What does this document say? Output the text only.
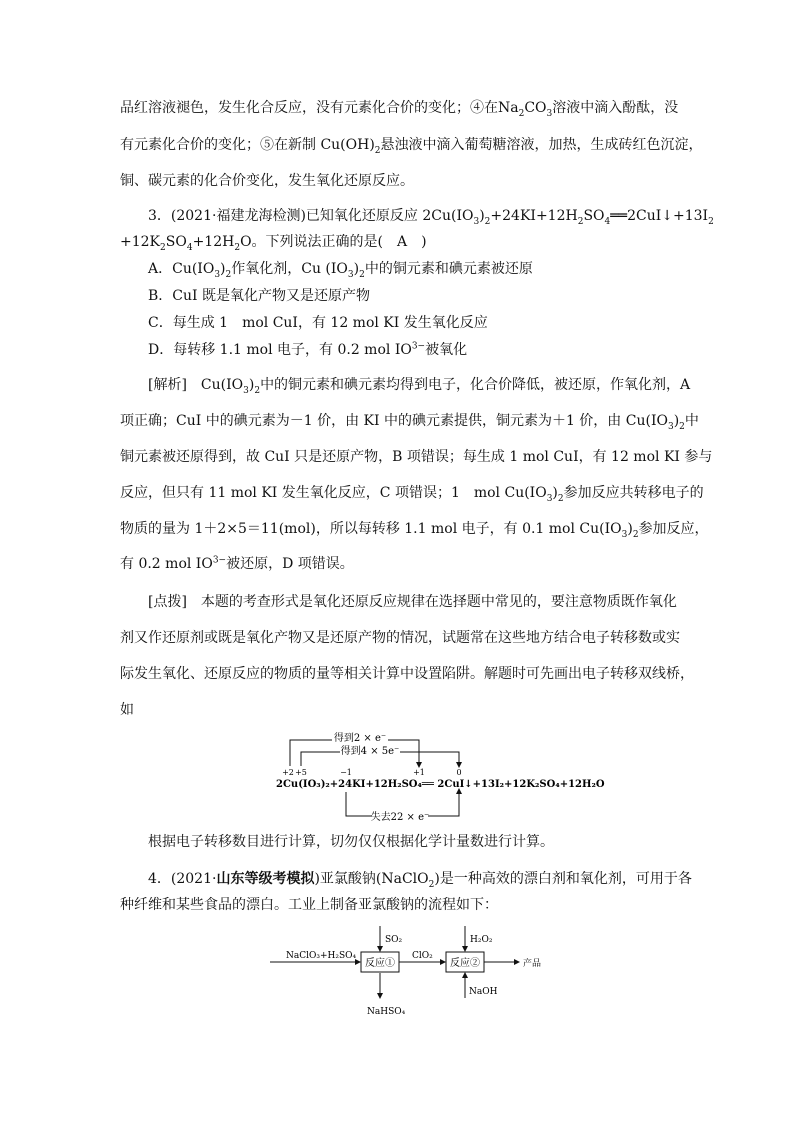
品红溶液褪色，发生化合反应，没有元素化合价的变化；④在$Na_2CO_3$溶液中滴入酚酞，没
有元素化合价的变化；⑤在新制 $Cu(OH)_2$悬浊液中滴入葡萄糖溶液，加热，生成砖红色沉淀，
铜、碳元素的化合价变化，发生氧化还原反应。
3．(2021·福建龙海检测)已知氧化还原反应 $2Cu(IO_3)_2+24KI+12H_2SO_4══2CuI↓+13I_2$
$+12K_2SO_4+12H_2O$。下列说法正确的是(　A　)
A．$Cu(IO_3)_2$作氧化剂，Cu $(IO_3)_2$中的铜元素和碘元素被还原
B．CuI 既是氧化产物又是还原产物
C．每生成 1　mol CuI，有 12 mol KI 发生氧化反应
D．每转移 1.1 mol 电子，有 0.2 mol $IO^{3-}$被氧化
[解析]　$Cu(IO_3)_2$中的铜元素和碘元素均得到电子，化合价降低，被还原，作氧化剂，A
项正确；CuI 中的碘元素为－1 价，由 KI 中的碘元素提供，铜元素为＋1 价，由 $Cu(IO_3)_2$中
铜元素被还原得到，故 CuI 只是还原产物，B 项错误；每生成 1 mol CuI，有 12 mol KI 参与
反应，但只有 11 mol KI 发生氧化反应，C 项错误；1　mol $Cu(IO_3)_2$参加反应共转移电子的
物质的量为 1＋2×5＝11(mol)，所以每转移 1.1 mol 电子，有 0.1 mol $Cu(IO_3)_2$参加反应，
有 0.2 mol $IO^{3-}$被还原，D 项错误。
[点拨]　本题的考查形式是氧化还原反应规律在选择题中常见的，要注意物质既作氧化
剂又作还原剂或既是氧化产物又是还原产物的情况，试题常在这些地方结合电子转移数或实
际发生氧化、还原反应的物质的量等相关计算中设置陷阱。解题时可先画出电子转移双线桥，
如
得到2 × e⁻
得到4 × 5e⁻
+2 +5	−1	+1	0
2Cu(IO₃)₂+24KI+12H₂SO₄══ 2CuI↓+13I₂+12K₂SO₄+12H₂O
失去22 × e⁻
根据电子转移数目进行计算，切勿仅仅根据化学计量数进行计算。
4．(2021·山东等级考模拟)亚氯酸钠(NaClO$_2$)是一种高效的漂白剂和氧化剂，可用于各
种纤维和某些食品的漂白。工业上制备亚氯酸钠的流程如下：
NaClO₃+H₂SO₄
反应①	反应②
SO₂
ClO₂
H₂O₂
NaOH
NaHSO₄
产品
